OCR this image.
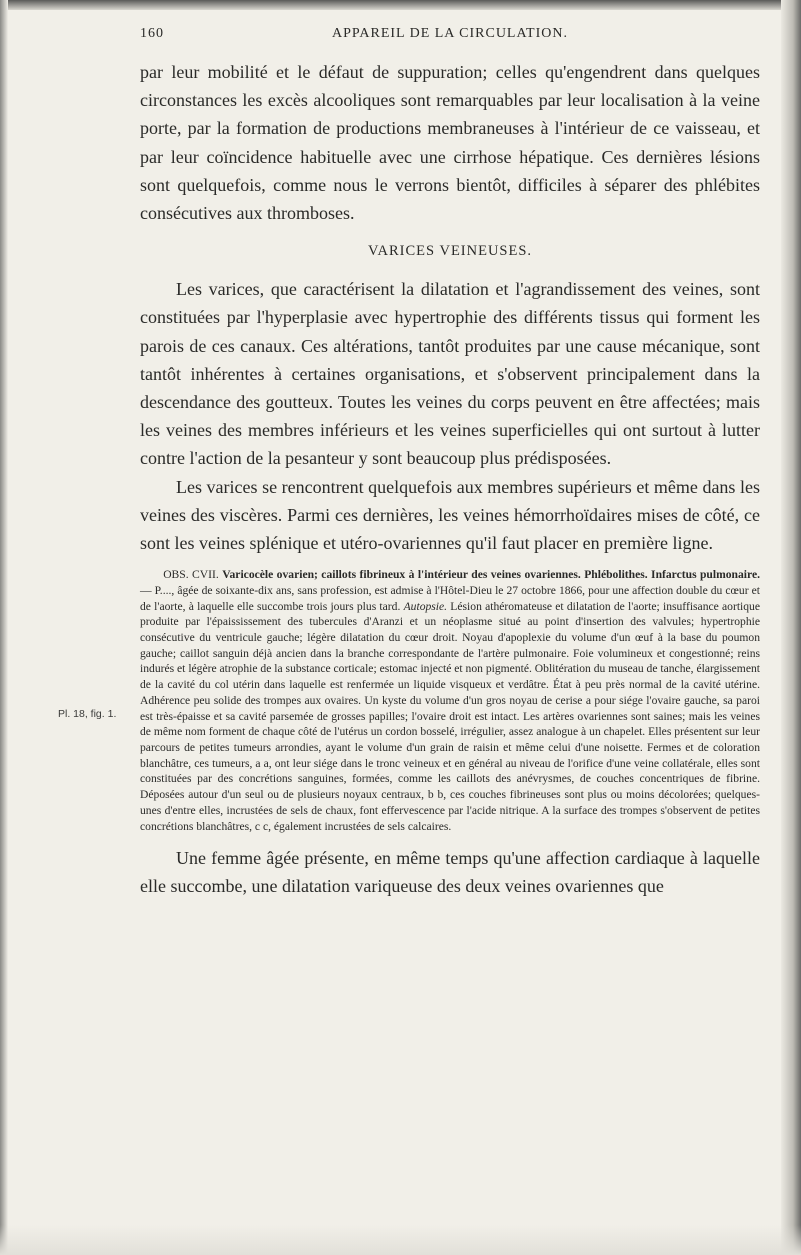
160	APPAREIL DE LA CIRCULATION.
Pl. 18, fig. 1.

par leur mobilité et le défaut de suppuration; celles qu'engendrent dans quelques circonstances les excès alcooliques sont remarquables par leur localisation à la veine porte, par la formation de productions membraneuses à l'intérieur de ce vaisseau, et par leur coïncidence habituelle avec une cirrhose hépatique. Ces dernières lésions sont quelquefois, comme nous le verrons bientôt, difficiles à séparer des phlébites consécutives aux thromboses.

VARICES VEINEUSES.

Les varices, que caractérisent la dilatation et l'agrandissement des veines, sont constituées par l'hyperplasie avec hypertrophie des différents tissus qui forment les parois de ces canaux. Ces altérations, tantôt produites par une cause mécanique, sont tantôt inhérentes à certaines organisations, et s'observent principalement dans la descendance des goutteux. Toutes les veines du corps peuvent en être affectées; mais les veines des membres inférieurs et les veines superficielles qui ont surtout à lutter contre l'action de la pesanteur y sont beaucoup plus prédisposées.

Les varices se rencontrent quelquefois aux membres supérieurs et même dans les veines des viscères. Parmi ces dernières, les veines hémorrhoïdaires mises de côté, ce sont les veines splénique et utéro-ovariennes qu'il faut placer en première ligne.

OBS. CVII. Varicocèle ovarien; caillots fibrineux à l'intérieur des veines ovariennes. Phlébolithes. Infarctus pulmonaire. — P...., âgée de soixante-dix ans, sans profession, est admise à l'Hôtel-Dieu le 27 octobre 1866, pour une affection double du cœur et de l'aorte, à laquelle elle succombe trois jours plus tard. Autopsie. Lésion athéromateuse et dilatation de l'aorte; insuffisance aortique produite par l'épaississement des tubercules d'Aranzi et un néoplasme situé au point d'insertion des valvules; hypertrophie consécutive du ventricule gauche; légère dilatation du cœur droit. Noyau d'apoplexie du volume d'un œuf à la base du poumon gauche; caillot sanguin déjà ancien dans la branche correspondante de l'artère pulmonaire. Foie volumineux et congestionné; reins indurés et légère atrophie de la substance corticale; estomac injecté et non pigmenté. Oblitération du museau de tanche, élargissement de la cavité du col utérin dans laquelle est renfermée un liquide visqueux et verdâtre. État à peu près normal de la cavité utérine. Adhérence peu solide des trompes aux ovaires. Un kyste du volume d'un gros noyau de cerise a pour siége l'ovaire gauche, sa paroi est très-épaisse et sa cavité parsemée de grosses papilles; l'ovaire droit est intact. Les artères ovariennes sont saines; mais les veines de même nom forment de chaque côté de l'utérus un cordon bosselé, irrégulier, assez analogue à un chapelet. Elles présentent sur leur parcours de petites tumeurs arrondies, ayant le volume d'un grain de raisin et même celui d'une noisette. Fermes et de coloration blanchâtre, ces tumeurs, a a, ont leur siége dans le tronc veineux et en général au niveau de l'orifice d'une veine collatérale, elles sont constituées par des concrétions sanguines, formées, comme les caillots des anévrysmes, de couches concentriques de fibrine. Déposées autour d'un seul ou de plusieurs noyaux centraux, b b, ces couches fibrineuses sont plus ou moins décolorées; quelques-unes d'entre elles, incrustées de sels de chaux, font effervescence par l'acide nitrique. A la surface des trompes s'observent de petites concrétions blanchâtres, c c, également incrustées de sels calcaires.

Une femme âgée présente, en même temps qu'une affection cardiaque à laquelle elle succombe, une dilatation variqueuse des deux veines ovariennes que
